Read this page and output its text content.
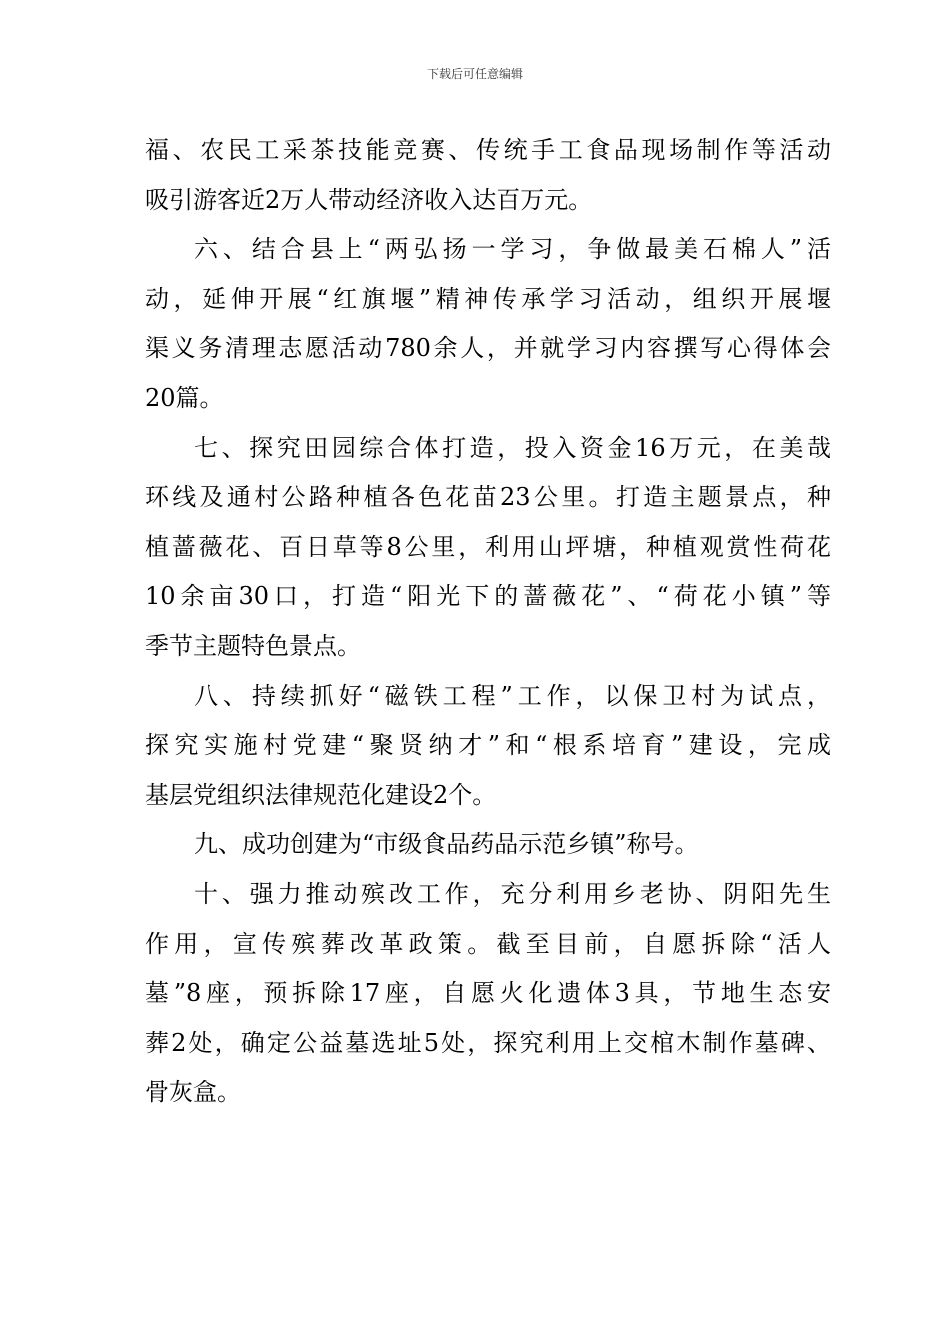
下载后可任意编辑
福、农民工采茶技能竞赛、传统手工食品现场制作等活动
吸引游客近2万人带动经济收入达百万元。
六、结合县上“两弘扬一学习，争做最美石棉人”活
动，延伸开展“红旗堰”精神传承学习活动，组织开展堰
渠义务清理志愿活动780余人，并就学习内容撰写心得体会
20篇。
七、探究田园综合体打造，投入资金16万元，在美哉
环线及通村公路种植各色花苗23公里。打造主题景点，种
植蔷薇花、百日草等8公里，利用山坪塘，种植观赏性荷花
10余亩30口，打造“阳光下的蔷薇花”、“荷花小镇”等
季节主题特色景点。
八、持续抓好“磁铁工程”工作，以保卫村为试点，
探究实施村党建“聚贤纳才”和“根系培育”建设，完成
基层党组织法律规范化建设2个。
九、成功创建为“市级食品药品示范乡镇”称号。
十、强力推动殡改工作，充分利用乡老协、阴阳先生
作用，宣传殡葬改革政策。截至目前，自愿拆除“活人
墓”8座，预拆除17座，自愿火化遗体3具，节地生态安
葬2处，确定公益墓选址5处，探究利用上交棺木制作墓碑、
骨灰盒。
